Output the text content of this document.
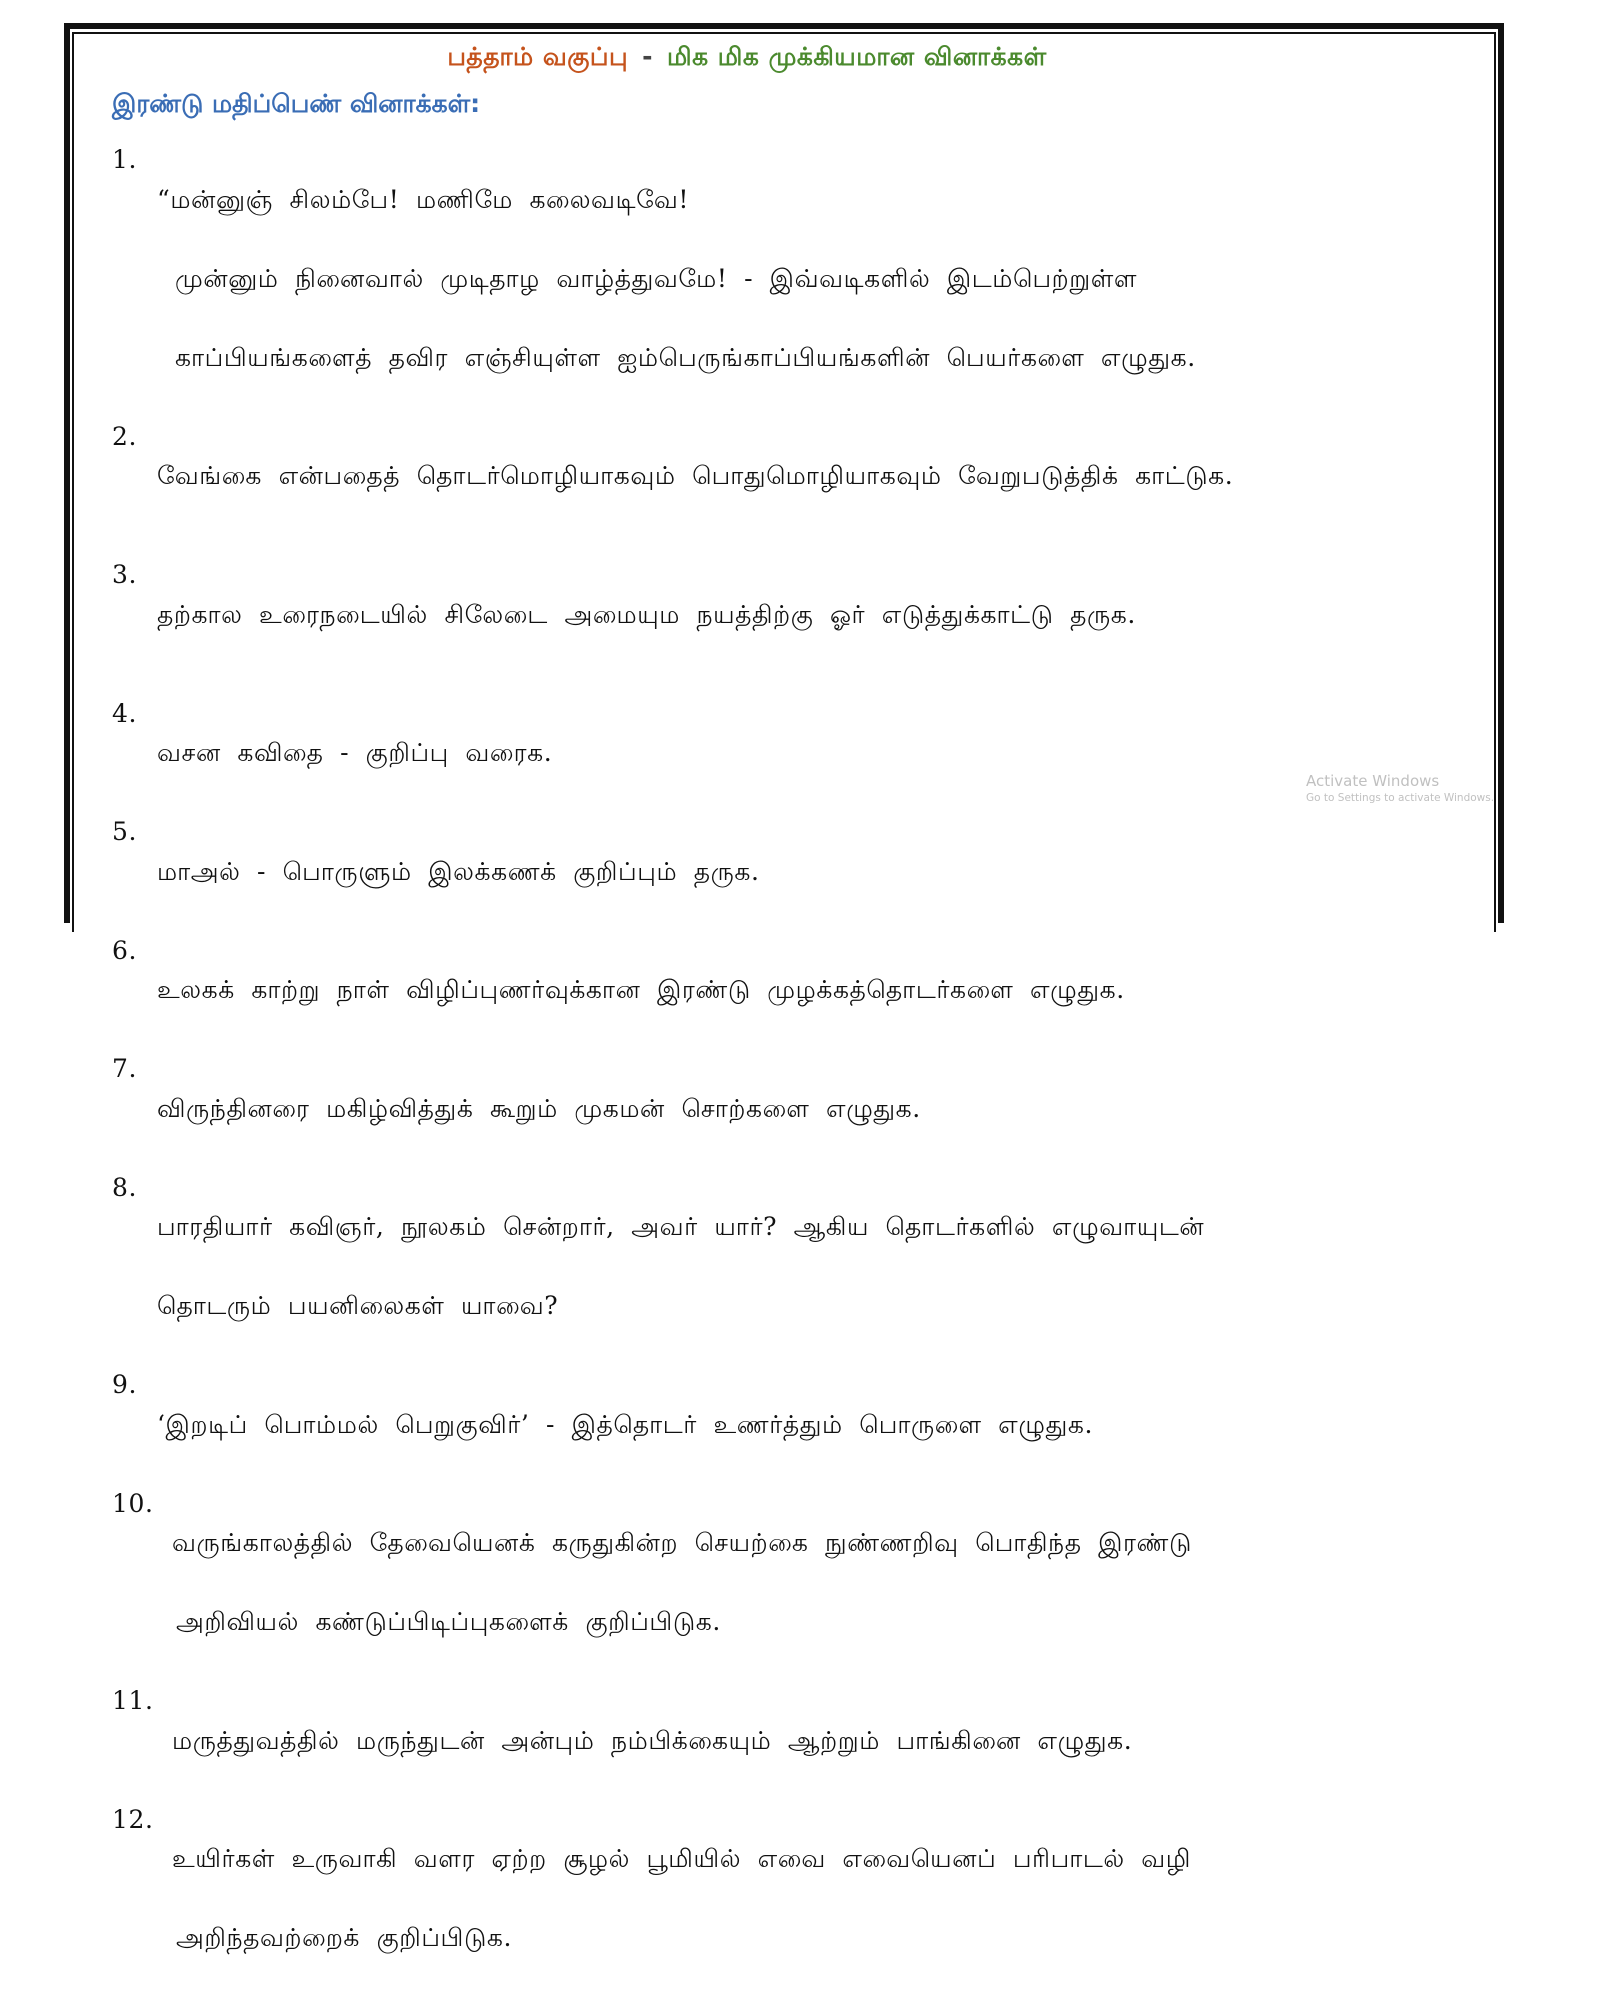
பத்தாம் வகுப்பு - மிக மிக முக்கியமான வினாக்கள்
இரண்டு மதிப்பெண் வினாக்கள்:
1.

“மன்னுஞ் சிலம்பே! மணிமே கலைவடிவே!

முன்னும் நினைவால் முடிதாழ வாழ்த்துவமே! - இவ்வடிகளில் இடம்பெற்றுள்ள

காப்பியங்களைத் தவிர எஞ்சியுள்ள ஐம்பெருங்காப்பியங்களின் பெயர்களை எழுதுக.

2.

வேங்கை என்பதைத் தொடர்மொழியாகவும் பொதுமொழியாகவும் வேறுபடுத்திக் காட்டுக.

3.

தற்கால உரைநடையில் சிலேடை அமையும நயத்திற்கு ஓர் எடுத்துக்காட்டு தருக.

4.

வசன கவிதை - குறிப்பு வரைக.

5.

மாஅல் - பொருளும் இலக்கணக் குறிப்பும் தருக.

6.

உலகக் காற்று நாள் விழிப்புணர்வுக்கான இரண்டு முழக்கத்தொடர்களை எழுதுக.

7.

விருந்தினரை மகிழ்வித்துக் கூறும் முகமன் சொற்களை எழுதுக.

8.

பாரதியார் கவிஞர், நூலகம் சென்றார், அவர் யார்? ஆகிய தொடர்களில் எழுவாயுடன்

தொடரும் பயனிலைகள் யாவை?

9.

‘இறடிப் பொம்மல் பெறுகுவிர்’ - இத்தொடர் உணர்த்தும் பொருளை எழுதுக.

10.

வருங்காலத்தில் தேவையெனக் கருதுகின்ற செயற்கை நுண்ணறிவு பொதிந்த இரண்டு

அறிவியல் கண்டுப்பிடிப்புகளைக் குறிப்பிடுக.

11.

மருத்துவத்தில் மருந்துடன் அன்பும் நம்பிக்கையும் ஆற்றும் பாங்கினை எழுதுக.

12.

உயிர்கள் உருவாகி வளர ஏற்ற சூழல் பூமியில் எவை எவையெனப் பரிபாடல் வழி

அறிந்தவற்றைக் குறிப்பிடுக.

Activate Windows
Go to Settings to activate Windows.
